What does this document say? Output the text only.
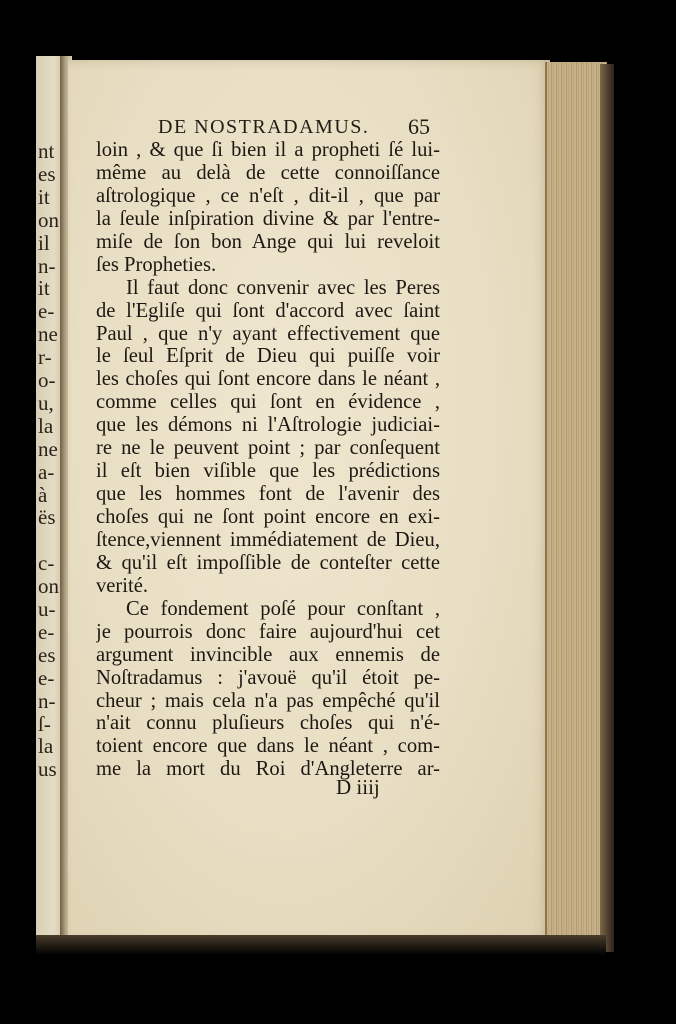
nt
es
it
on
il
n-
it
e-
ne
r-
o-
u,
la
ne
a-
à
ës
c-
on
u-
e-
es
e-
n-
ſ-
la
us
DE NOSTRADAMUS. 65
loin , & que ſi bien il a propheti ſé lui-
même au delà de cette connoiſſance
aſtrologique , ce n'eſt , dit-il , que par
la ſeule inſpiration divine & par l'entre-
miſe de ſon bon Ange qui lui reveloit
ſes Propheties.
Il faut donc convenir avec les Peres
de l'Egliſe qui ſont d'accord avec ſaint
Paul , que n'y ayant effectivement que
le ſeul Eſprit de Dieu qui puiſſe voir
les choſes qui ſont encore dans le néant ,
comme celles qui ſont en évidence ,
que les démons ni l'Aſtrologie judiciai-
re ne le peuvent point ; par conſequent
il eſt bien viſible que les prédictions
que les hommes font de l'avenir des
choſes qui ne ſont point encore en exi-
ſtence,viennent immédiatement de Dieu,
& qu'il eſt impoſſible de conteſter cette
verité.
Ce fondement poſé pour conſtant ,
je pourrois donc faire aujourd'hui cet
argument invincible aux ennemis de
Noſtradamus : j'avouë qu'il étoit pe-
cheur ; mais cela n'a pas empêché qu'il
n'ait connu pluſieurs choſes qui n'é-
toient encore que dans le néant , com-
me la mort du Roi d'Angleterre ar-
D iiij
